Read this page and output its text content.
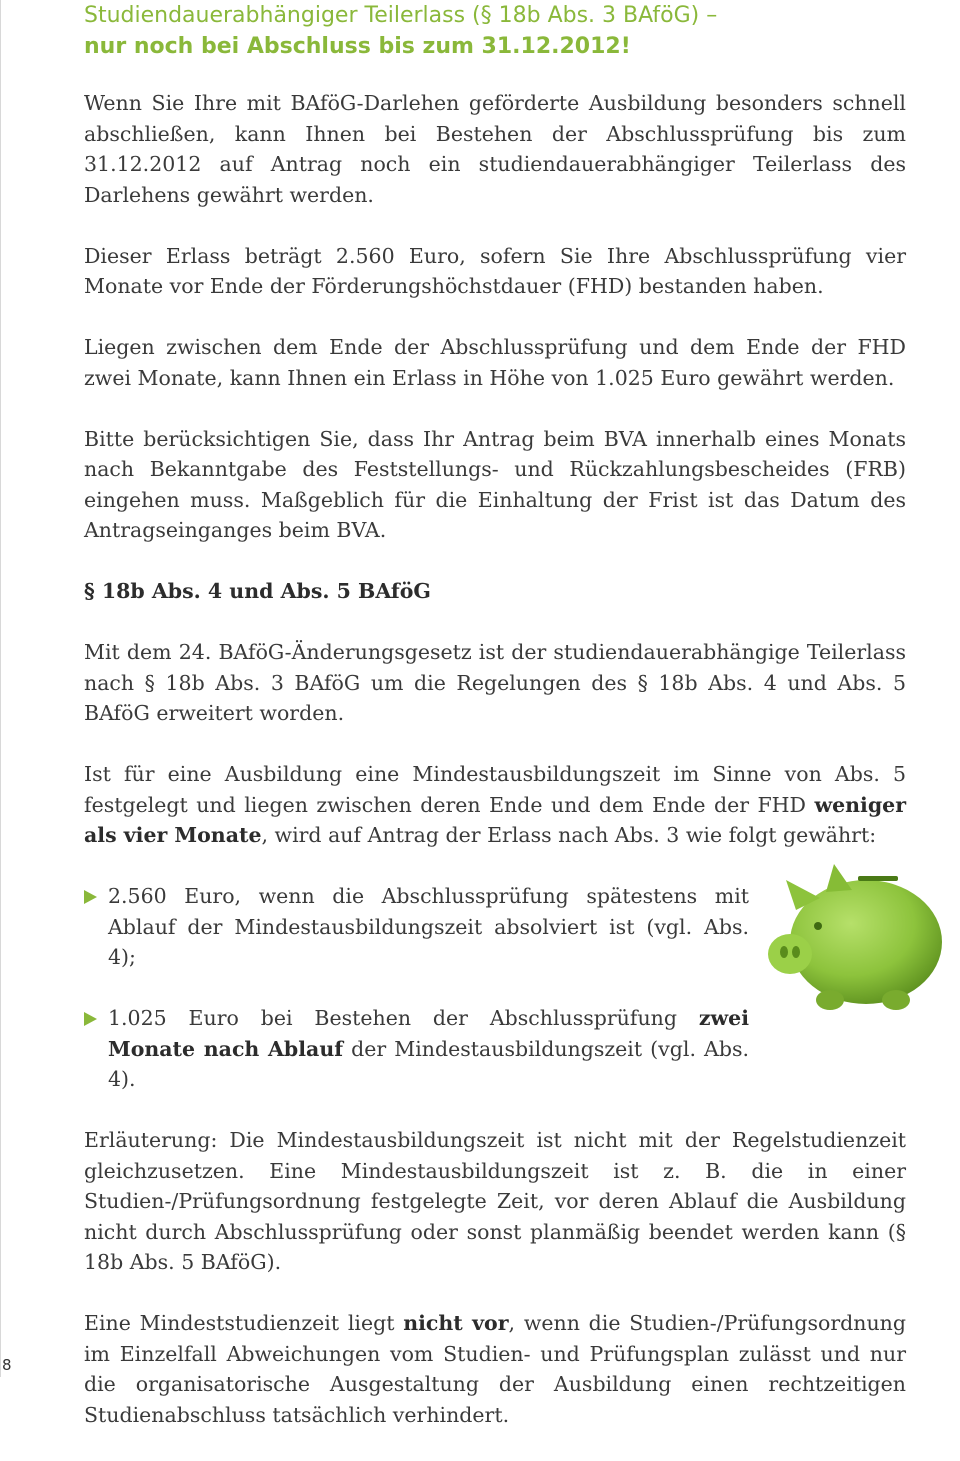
Studiendauerabhängiger Teilerlass (§ 18b Abs. 3 BAföG) –
nur noch bei Abschluss bis zum 31.12.2012!

Wenn Sie Ihre mit BAföG-Darlehen geförderte Ausbildung besonders schnell abschließen, kann Ihnen bei Bestehen der Abschlussprüfung bis zum 31.12.2012 auf Antrag noch ein studiendauerabhängiger Teilerlass des Darlehens gewährt werden.

Dieser Erlass beträgt 2.560 Euro, sofern Sie Ihre Abschlussprüfung vier Monate vor Ende der Förderungshöchstdauer (FHD) bestanden haben.

Liegen zwischen dem Ende der Abschlussprüfung und dem Ende der FHD zwei Monate, kann Ihnen ein Erlass in Höhe von 1.025 Euro gewährt werden.

Bitte berücksichtigen Sie, dass Ihr Antrag beim BVA innerhalb eines Monats nach Bekanntgabe des Feststellungs- und Rückzahlungsbescheides (FRB) eingehen muss. Maßgeblich für die Einhaltung der Frist ist das Datum des Antragseinganges beim BVA.

§ 18b Abs. 4 und Abs. 5 BAföG

Mit dem 24. BAföG-Änderungsgesetz ist der studiendauerabhängige Teilerlass nach § 18b Abs. 3 BAföG um die Regelungen des § 18b Abs. 4 und Abs. 5 BAföG erweitert worden.

Ist für eine Ausbildung eine Mindestausbildungszeit im Sinne von Abs. 5 festgelegt und liegen zwischen deren Ende und dem Ende der FHD weniger als vier Monate, wird auf Antrag der Erlass nach Abs. 3 wie folgt gewährt:

2.560 Euro, wenn die Abschlussprüfung spätestens mit Ablauf der Mindestausbildungszeit absolviert ist (vgl. Abs. 4);
1.025 Euro bei Bestehen der Abschlussprüfung zwei Monate nach Ablauf der Mindestausbildungszeit (vgl. Abs. 4).

Erläuterung: Die Mindestausbildungszeit ist nicht mit der Regelstudienzeit gleichzusetzen. Eine Mindestausbildungszeit ist z. B. die in einer Studien-/Prüfungsordnung festgelegte Zeit, vor deren Ablauf die Ausbildung nicht durch Abschlussprüfung oder sonst planmäßig beendet werden kann (§ 18b Abs. 5 BAföG).

Eine Mindeststudienzeit liegt nicht vor, wenn die Studien-/Prüfungsordnung im Einzelfall Abweichungen vom Studien- und Prüfungsplan zulässt und nur die organisatorische Ausgestaltung der Ausbildung einen rechtzeitigen Studienabschluss tatsächlich verhindert.

8
